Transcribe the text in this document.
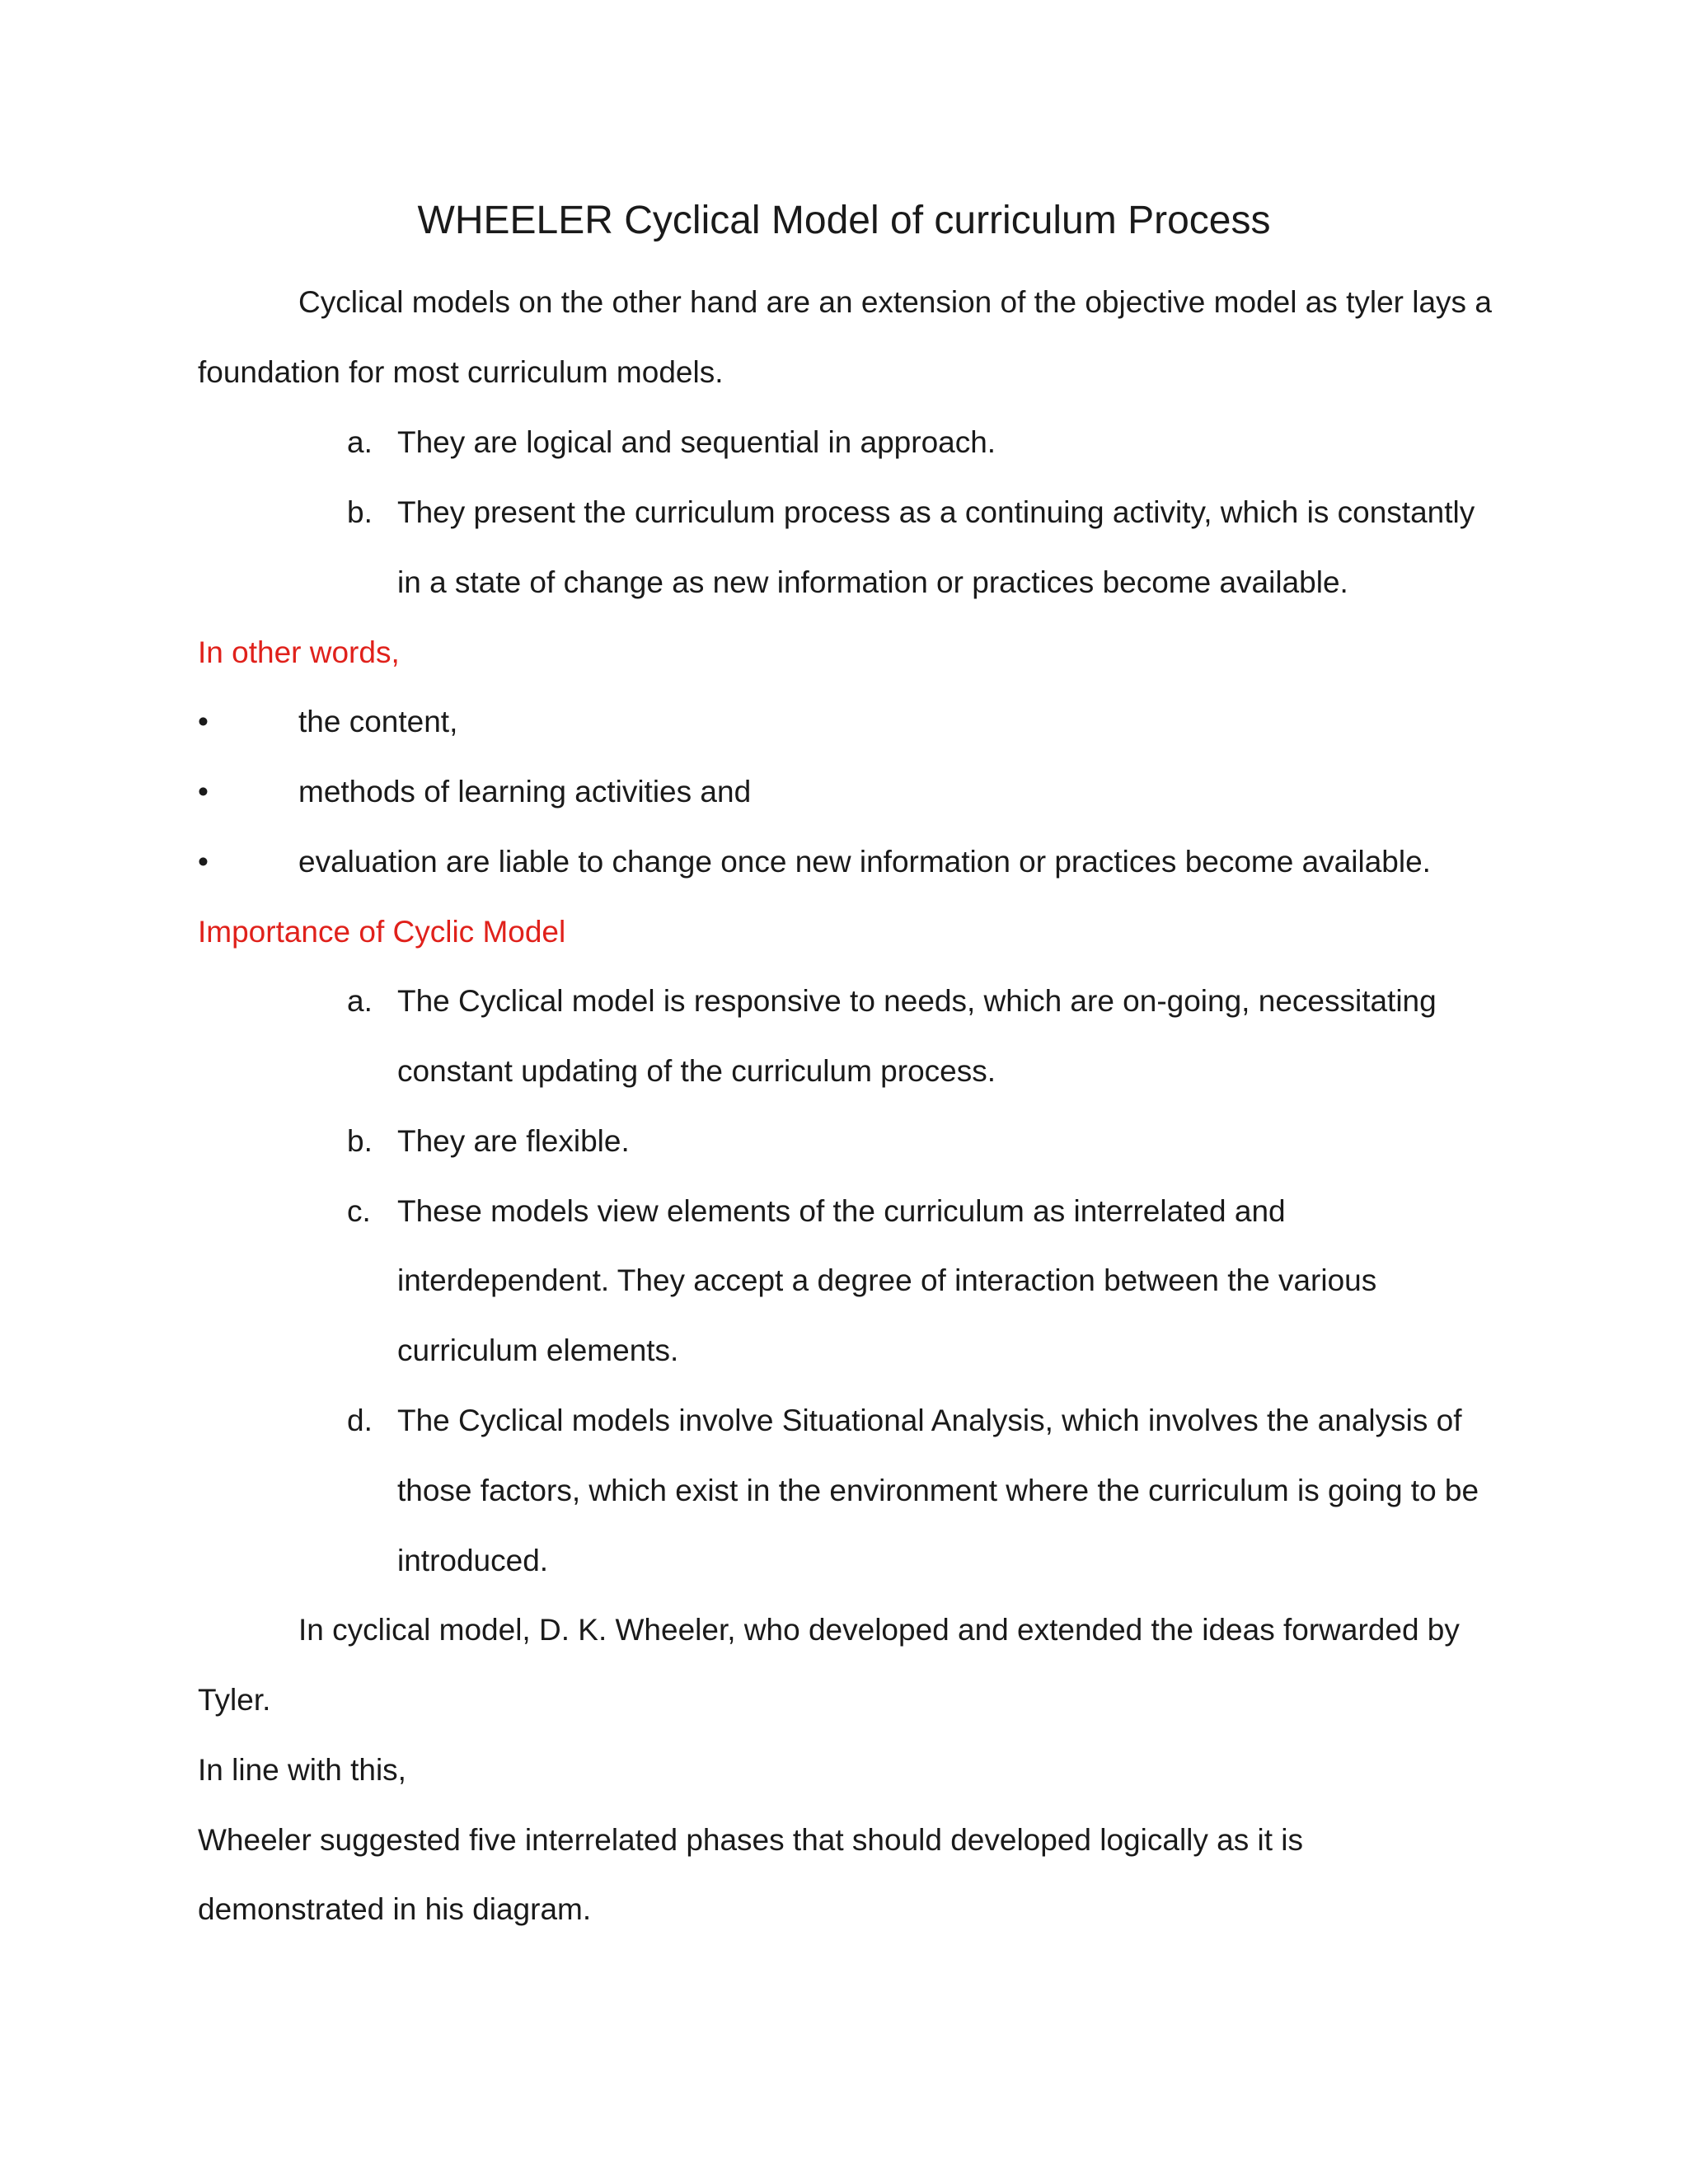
WHEELER Cyclical Model of curriculum Process
Cyclical models on the other hand are an extension of the objective model as tyler lays a
foundation for most curriculum models.
a. They are logical and sequential in approach.
b. They present the curriculum process as a continuing activity, which is constantly
in a state of change as new information or practices become available.
In other words,
•	the content,
•	methods of learning activities and
•	evaluation are liable to change once new information or practices become available.
Importance of Cyclic Model
a. The Cyclical model is responsive to needs, which are on-going, necessitating
constant updating of the curriculum process.
b. They are flexible.
c. These models view elements of the curriculum as interrelated and
interdependent. They accept a degree of interaction between the various
curriculum elements.
d. The Cyclical models involve Situational Analysis, which involves the analysis of
those factors, which exist in the environment where the curriculum is going to be
introduced.
In cyclical model, D. K. Wheeler, who developed and extended the ideas forwarded by
Tyler.
In line with this,
Wheeler suggested five interrelated phases that should developed logically as it is
demonstrated in his diagram.
